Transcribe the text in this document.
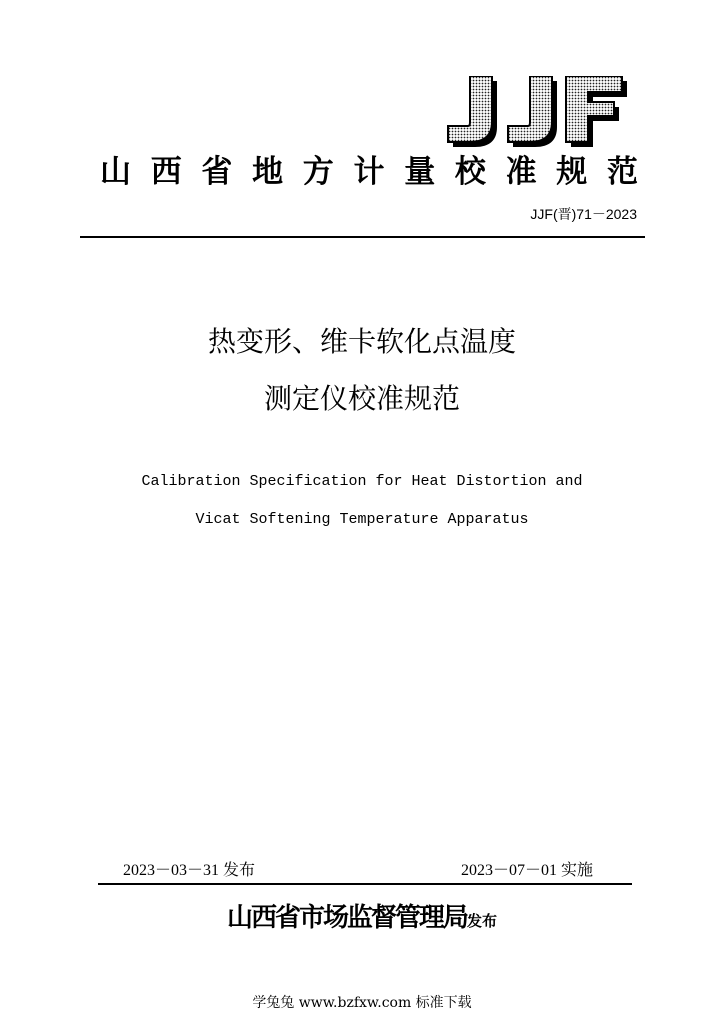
山西省地方计量校准规范
JJF(晋)71－2023
热变形、维卡软化点温度
测定仪校准规范
Calibration Specification for Heat Distortion and
Vicat Softening Temperature Apparatus
2023－03－31 发布	2023－07－01 实施
山西省市场监督管理局发布
学兔兔 www.bzfxw.com 标准下载
